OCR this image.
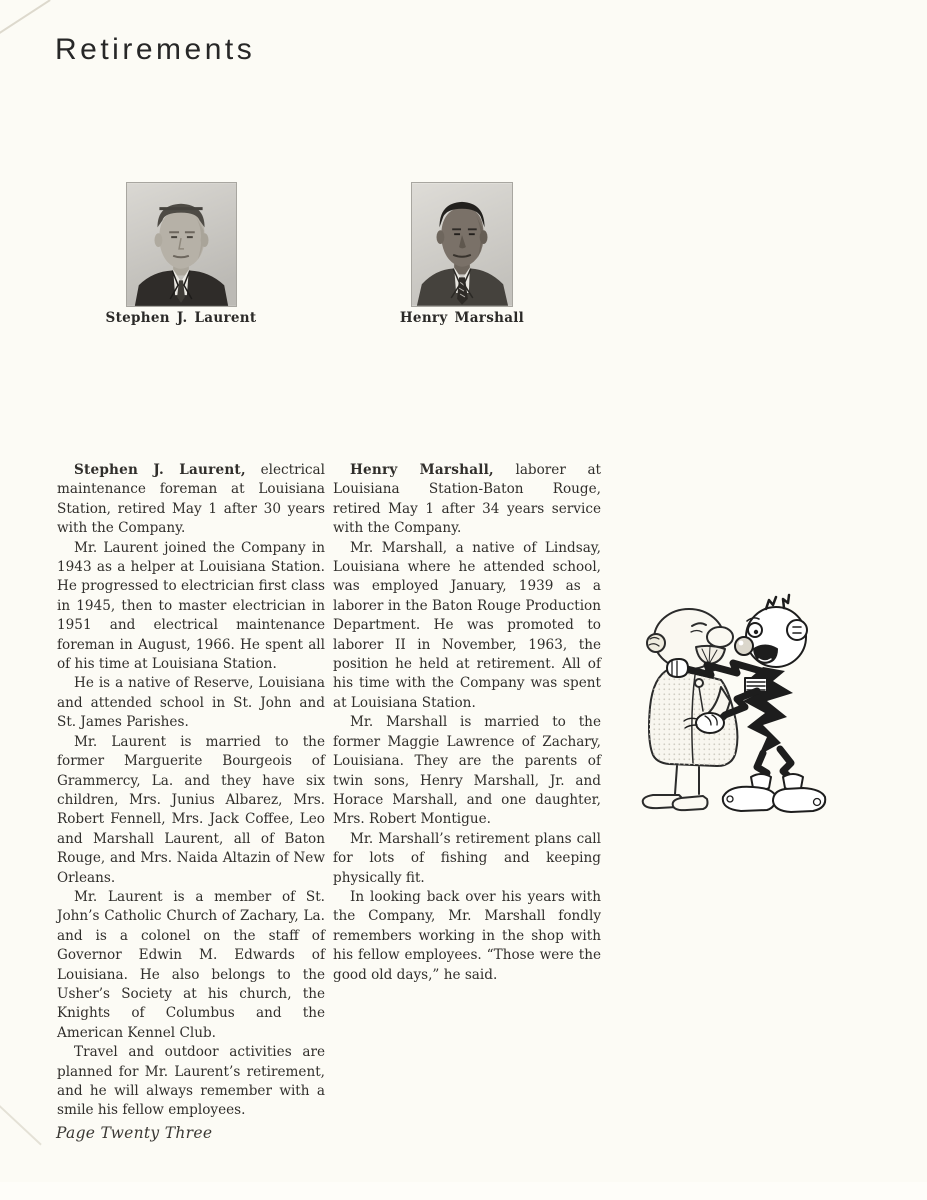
Retirements
Stephen J. Laurent	Henry Marshall

Stephen J. Laurent, electrical maintenance foreman at Louisiana Station, retired May 1 after 30 years with the Company.

Mr. Laurent joined the Company in 1943 as a helper at Louisiana Station. He progressed to electrician first class in 1945, then to master electrician in 1951 and electrical maintenance foreman in August, 1966. He spent all of his time at Louisiana Station.

He is a native of Reserve, Louisiana and attended school in St. John and St. James Parishes.

Mr. Laurent is married to the former Marguerite Bourgeois of Grammercy, La. and they have six children, Mrs. Junius Albarez, Mrs. Robert Fennell, Mrs. Jack Coffee, Leo and Marshall Laurent, all of Baton Rouge, and Mrs. Naida Altazin of New Orleans.

Mr. Laurent is a member of St. John’s Catholic Church of Zachary, La. and is a colonel on the staff of Governor Edwin M. Edwards of Louisiana. He also belongs to the Usher’s Society at his church, the Knights of Columbus and the American Kennel Club.

Travel and outdoor activities are planned for Mr. Laurent’s retirement, and he will always remember with a smile his fellow employees.

Henry Marshall, laborer at Louisiana Station-Baton Rouge, retired May 1 after 34 years service with the Company.

Mr. Marshall, a native of Lindsay, Louisiana where he attended school, was employed January, 1939 as a laborer in the Baton Rouge Production Department. He was promoted to laborer II in November, 1963, the position he held at retirement. All of his time with the Company was spent at Louisiana Station.

Mr. Marshall is married to the former Maggie Lawrence of Zachary, Louisiana. They are the parents of twin sons, Henry Marshall, Jr. and Horace Marshall, and one daughter, Mrs. Robert Montigue.

Mr. Marshall’s retirement plans call for lots of fishing and keeping physically fit.

In looking back over his years with the Company, Mr. Marshall fondly remembers working in the shop with his fellow employees. “Those were the good old days,” he said.

Page Twenty Three
